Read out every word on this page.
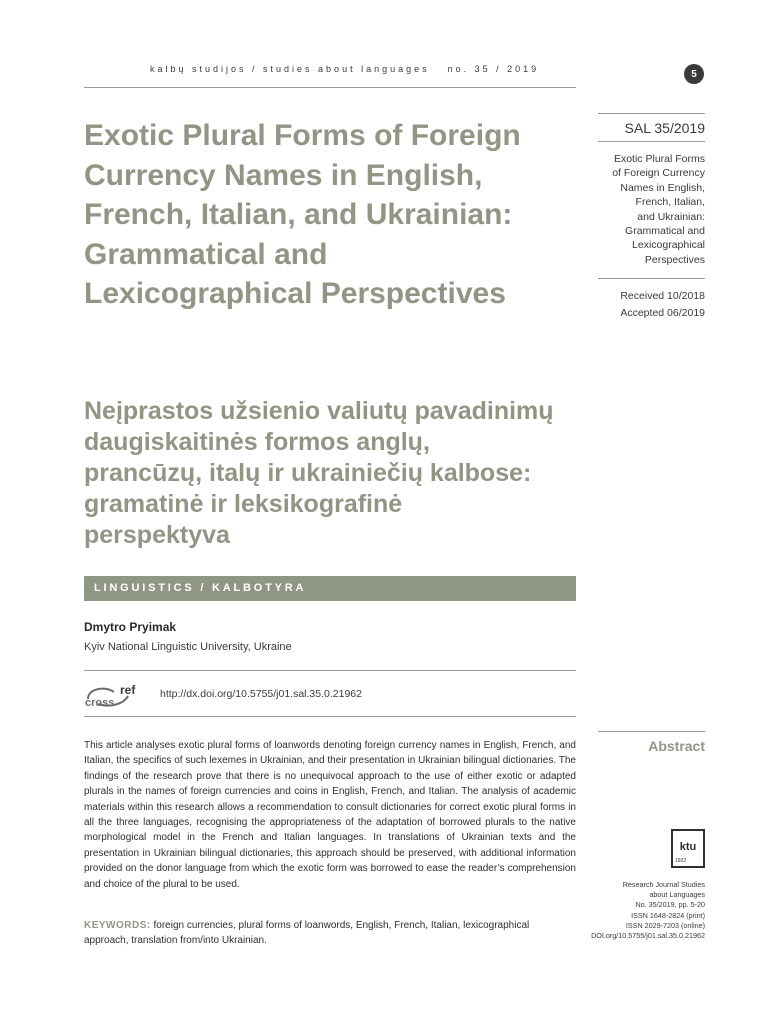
kalbų studijos / studies about languages no. 35 / 2019	5
Exotic Plural Forms of Foreign Currency Names in English, French, Italian, and Ukrainian: Grammatical and Lexicographical Perspectives
Neįprastos užsienio valiutų pavadinimų daugiskaitinės formos anglų, prancūzų, italų ir ukrainiečių kalbose: gramatinė ir leksikografinė perspektyva
SAL 35/2019
Exotic Plural Forms
of Foreign Currency
Names in English,
French, Italian,
and Ukrainian:
Grammatical and
Lexicographical
Perspectives
Received 10/2018
Accepted 06/2019
LINGUISTICS / KALBOTYRA
Dmytro Pryimak
Kyiv National Linguistic University, Ukraine
cross
ref http://dx.doi.org/10.5755/j01.sal.35.0.21962
Abstract

This article analyses exotic plural forms of loanwords denoting foreign currency names in English, French, and Italian, the specifics of such lexemes in Ukrainian, and their presentation in Ukrainian bilingual dictionaries. The findings of the research prove that there is no unequivocal approach to the use of either exotic or adapted plurals in the names of foreign currencies and coins in English, French, and Italian. The analysis of academic materials within this research allows a recommendation to consult dictionaries for correct exotic plural forms in all the three languages, recognising the appropriateness of the adaptation of borrowed plurals to the native morphological model in the French and Italian languages. In translations of Ukrainian texts and the presentation in Ukrainian bilingual dictionaries, this approach should be preserved, with additional information provided on the donor language from which the exotic form was borrowed to ease the reader’s comprehension and choice of the plural to be used.

KEYWORDS: foreign currencies, plural forms of loanwords, English, French, Italian, lexicographical approach, translation from/into Ukrainian.

ktu
1922
Research Journal Studies
about Languages
No. 35/2019, pp. 5-20
ISSN 1648-2824 (print)
ISSN 2029-7203 (online)
DOI.org/10.5755/j01.sal.35.0.21962
